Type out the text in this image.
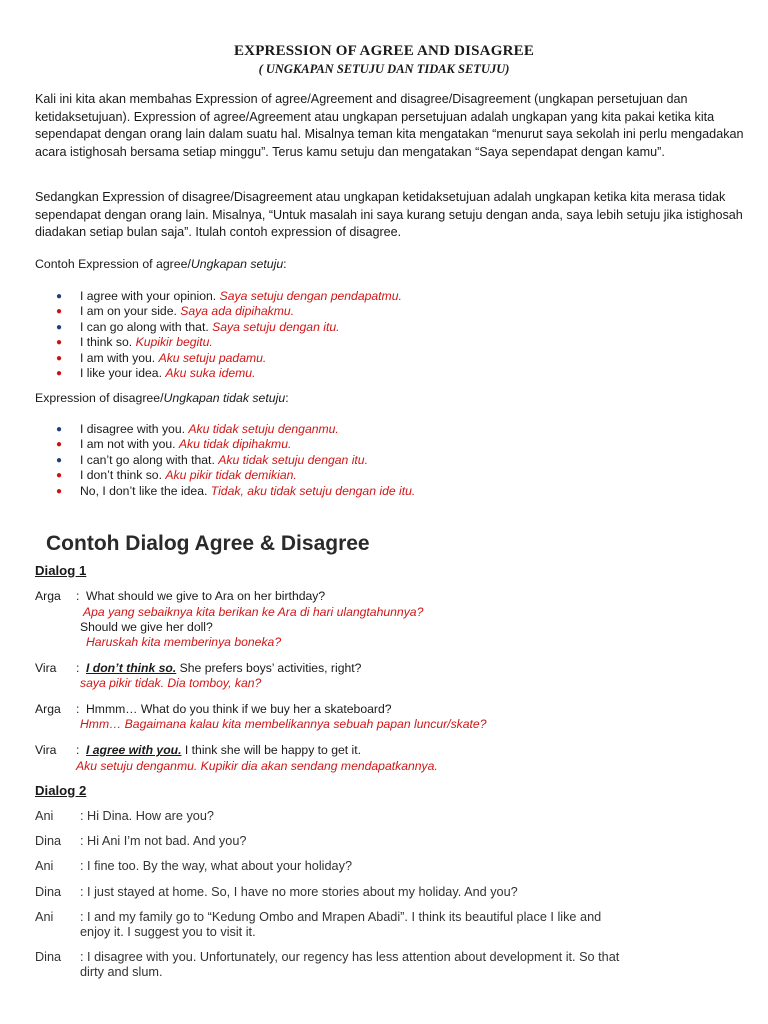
EXPRESSION OF AGREE AND DISAGREE
( UNGKAPAN SETUJU DAN TIDAK SETUJU)
Kali ini kita akan membahas Expression of agree/Agreement and disagree/Disagreement (ungkapan persetujuan dan ketidaksetujuan). Expression of agree/Agreement atau ungkapan persetujuan adalah ungkapan yang kita pakai ketika kita sependapat dengan orang lain dalam suatu hal. Misalnya teman kita mengatakan “menurut saya sekolah ini perlu mengadakan acara istighosah bersama setiap minggu”. Terus kamu setuju dan mengatakan “Saya sependapat dengan kamu”.
Sedangkan Expression of disagree/Disagreement atau ungkapan ketidaksetujuan adalah ungkapan ketika kita merasa tidak sependapat dengan orang lain. Misalnya, “Untuk masalah ini saya kurang setuju dengan anda, saya lebih setuju jika istighosah diadakan setiap bulan saja”. Itulah contoh expression of disagree.
Contoh Expression of agree/Ungkapan setuju:
● I agree with your opinion. Saya setuju dengan pendapatmu.
● I am on your side. Saya ada dipihakmu.
● I can go along with that. Saya setuju dengan itu.
● I think so. Kupikir begitu.
● I am with you. Aku setuju padamu.
● I like your idea. Aku suka idemu.
Expression of disagree/Ungkapan tidak setuju:
● I disagree with you. Aku tidak setuju denganmu.
● I am not with you. Aku tidak dipihakmu.
● I can’t go along with that. Aku tidak setuju dengan itu.
● I don’t think so. Aku pikir tidak demikian.
● No, I don’t like the idea. Tidak, aku tidak setuju dengan ide itu.
Contoh Dialog Agree & Disagree
Dialog 1
Arga : What should we give to Ara on her birthday?
Apa yang sebaiknya kita berikan ke Ara di hari ulangtahunnya?
Should we give her doll?
Haruskah kita memberinya boneka?
Vira : I don’t think so. She prefers boys’ activities, right?
saya pikir tidak. Dia tomboy, kan?
Arga : Hmmm… What do you think if we buy her a skateboard?
Hmm… Bagaimana kalau kita membelikannya sebuah papan luncur/skate?
Vira : I agree with you. I think she will be happy to get it.
Aku setuju denganmu. Kupikir dia akan sendang mendapatkannya.
Dialog 2
Ani : Hi Dina. How are you?
Dina : Hi Ani I’m not bad. And you?
Ani : I fine too. By the way, what about your holiday?
Dina : I just stayed at home. So, I have no more stories about my holiday. And you?
Ani : I and my family go to “Kedung Ombo and Mrapen Abadi”. I think its beautiful place I like and
enjoy it. I suggest you to visit it.
Dina : I disagree with you. Unfortunately, our regency has less attention about development it. So that
dirty and slum.
